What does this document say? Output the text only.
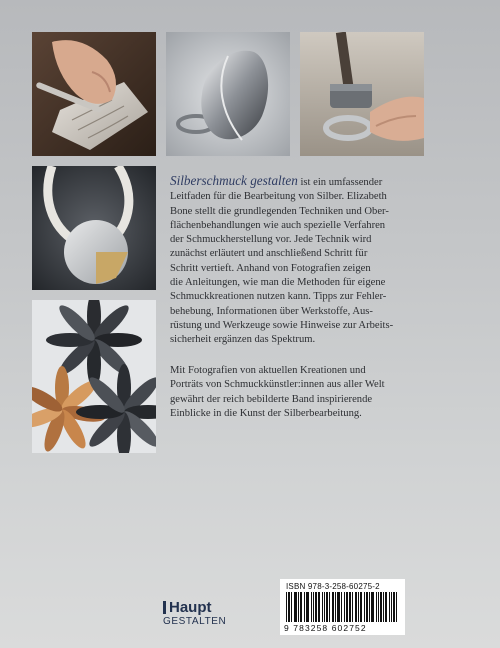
Silberschmuck gestalten ist ein umfassender
Leitfaden für die Bearbeitung von Silber. Elizabeth
Bone stellt die grundlegenden Techniken und Ober-
flächenbehandlungen wie auch spezielle Verfahren
der Schmuckherstellung vor. Jede Technik wird
zunächst erläutert und anschließend Schritt für
Schritt vertieft. Anhand von Fotografien zeigen
die Anleitungen, wie man die Methoden für eigene
Schmuckkreationen nutzen kann. Tipps zur Fehler-
behebung, Informationen über Werkstoffe, Aus-
rüstung und Werkzeuge sowie Hinweise zur Arbeits-
sicherheit ergänzen das Spektrum.

Mit Fotografien von aktuellen Kreationen und
Porträts von Schmuckkünstler:innen aus aller Welt
gewährt der reich bebilderte Band inspirierende
Einblicke in die Kunst der Silberbearbeitung.

Haupt
GESTALTEN
ISBN 978-3-258-60275-2
9 783258 602752
